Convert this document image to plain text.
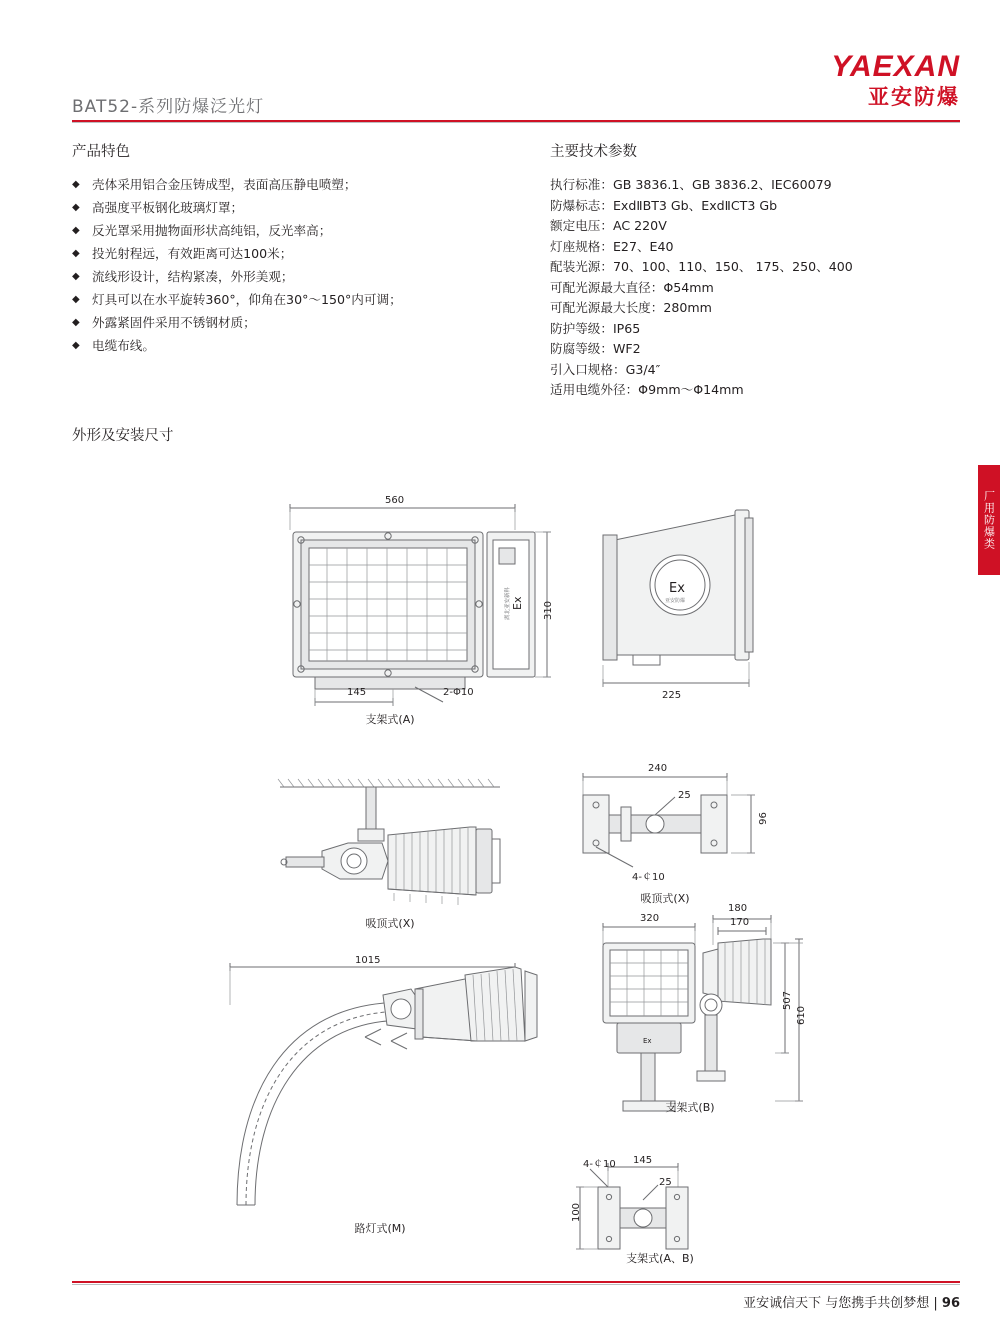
YAEXAN
亚安防爆
BAT52-系列防爆泛光灯
产品特色
◆ 壳体采用铝合金压铸成型，表面高压静电喷塑；
◆ 高强度平板钢化玻璃灯罩；
◆ 反光罩采用抛物面形状高纯铝，反光率高；
◆ 投光射程远，有效距离可达100米；
◆ 流线形设计，结构紧凑，外形美观；
◆ 灯具可以在水平旋转360°，仰角在30°～150°内可调；
◆ 外露紧固件采用不锈钢材质；
◆ 电缆布线。
主要技术参数
执行标准：GB 3836.1、GB 3836.2、IEC60079
防爆标志：ExdⅡBT3 Gb、ExdⅡCT3 Gb
额定电压：AC 220V
灯座规格：E27、E40
配装光源：70、100、110、150、 175、250、400
可配光源最大直径：Φ54mm
可配光源最大长度：280mm
防护等级：IP65
防腐等级：WF2
引入口规格：G3/4″
适用电缆外径：Φ9mm～Φ14mm
外形及安装尺寸
厂用防爆类
Ex
湖北亚安新科
560
310
145	2-Φ10
支架式(A)
Ex
亚安防爆
225
240
25
96
4-￠10
吸顶式(X)
吸顶式(X)
Ex
320
180
170
507
610
支架式(B)
1015
路灯式(M)
4-￠10 145
25
100
支架式(A、B)
亚安诚信天下 与您携手共创梦想 | 96
